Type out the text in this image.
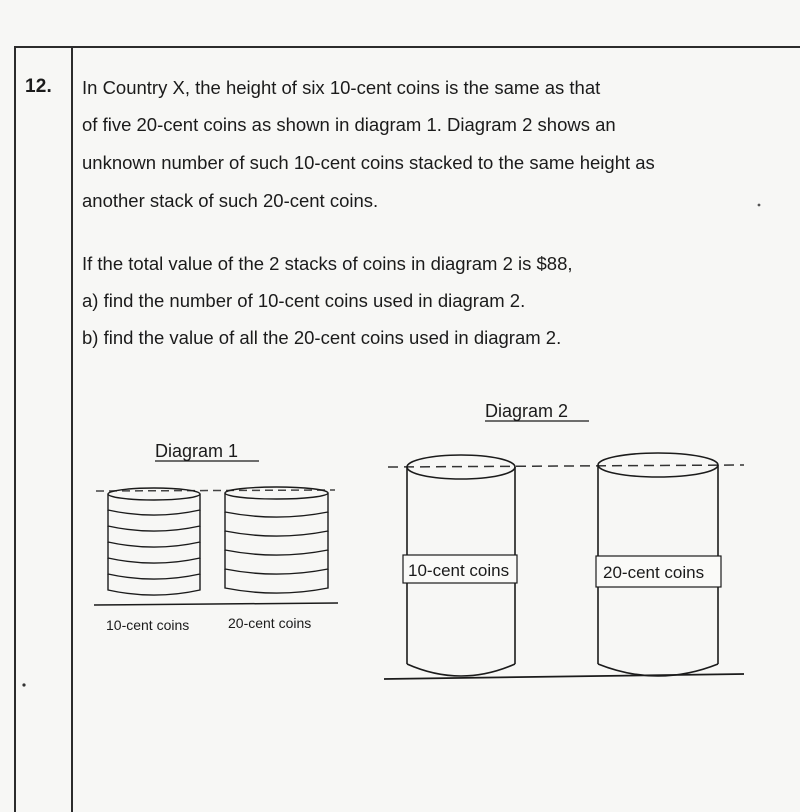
12. In Country X, the height of six 10-cent coins is the same as that
of five 20-cent coins as shown in diagram 1. Diagram 2 shows an
unknown number of such 10-cent coins stacked to the same height as
another stack of such 20-cent coins.
If the total value of the 2 stacks of coins in diagram 2 is $88,
a) find the number of 10-cent coins used in diagram 2.
b) find the value of all the 20-cent coins used in diagram 2.
Diagram 1
10-cent coins	20-cent coins
Diagram 2
10-cent coins	20-cent coins
